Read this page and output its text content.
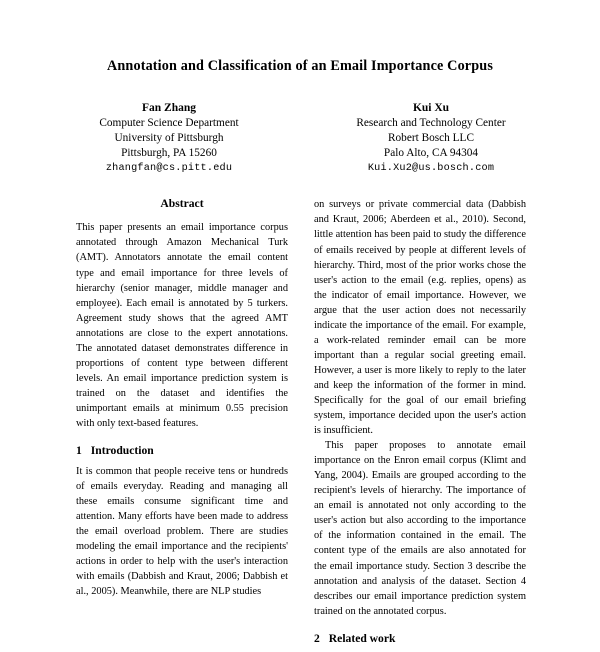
Annotation and Classification of an Email Importance Corpus
Fan Zhang
Computer Science Department
University of Pittsburgh
Pittsburgh, PA 15260
zhangfan@cs.pitt.edu
Kui Xu
Research and Technology Center
Robert Bosch LLC
Palo Alto, CA 94304
Kui.Xu2@us.bosch.com
Abstract

This paper presents an email importance corpus annotated through Amazon Mechanical Turk (AMT). Annotators annotate the email content type and email importance for three levels of hierarchy (senior manager, middle manager and employee). Each email is annotated by 5 turkers. Agreement study shows that the agreed AMT annotations are close to the expert annotations. The annotated dataset demonstrates difference in proportions of content type between different levels. An email importance prediction system is trained on the dataset and identifies the unimportant emails at minimum 0.55 precision with only text-based features.

1 Introduction

It is common that people receive tens or hundreds of emails everyday. Reading and managing all these emails consume significant time and attention. Many efforts have been made to address the email overload problem. There are studies modeling the email importance and the recipients' actions in order to help with the user's interaction with emails (Dabbish and Kraut, 2006; Dabbish et al., 2005). Meanwhile, there are NLP studies

on surveys or private commercial data (Dabbish and Kraut, 2006; Aberdeen et al., 2010). Second, little attention has been paid to study the difference of emails received by people at different levels of hierarchy. Third, most of the prior works chose the user's action to the email (e.g. replies, opens) as the indicator of email importance. However, we argue that the user action does not necessarily indicate the importance of the email. For example, a work-related reminder email can be more important than a regular social greeting email. However, a user is more likely to reply to the later and keep the information of the former in mind. Specifically for the goal of our email briefing system, importance decided upon the user's action is insufficient.

This paper proposes to annotate email importance on the Enron email corpus (Klimt and Yang, 2004). Emails are grouped according to the recipient's levels of hierarchy. The importance of an email is annotated not only according to the user's action but also according to the importance of the information contained in the email. The content type of the emails are also annotated for the email importance study. Section 3 describe the annotation and analysis of the dataset. Section 4 describes our email importance prediction system trained on the annotated corpus.

2 Related work
